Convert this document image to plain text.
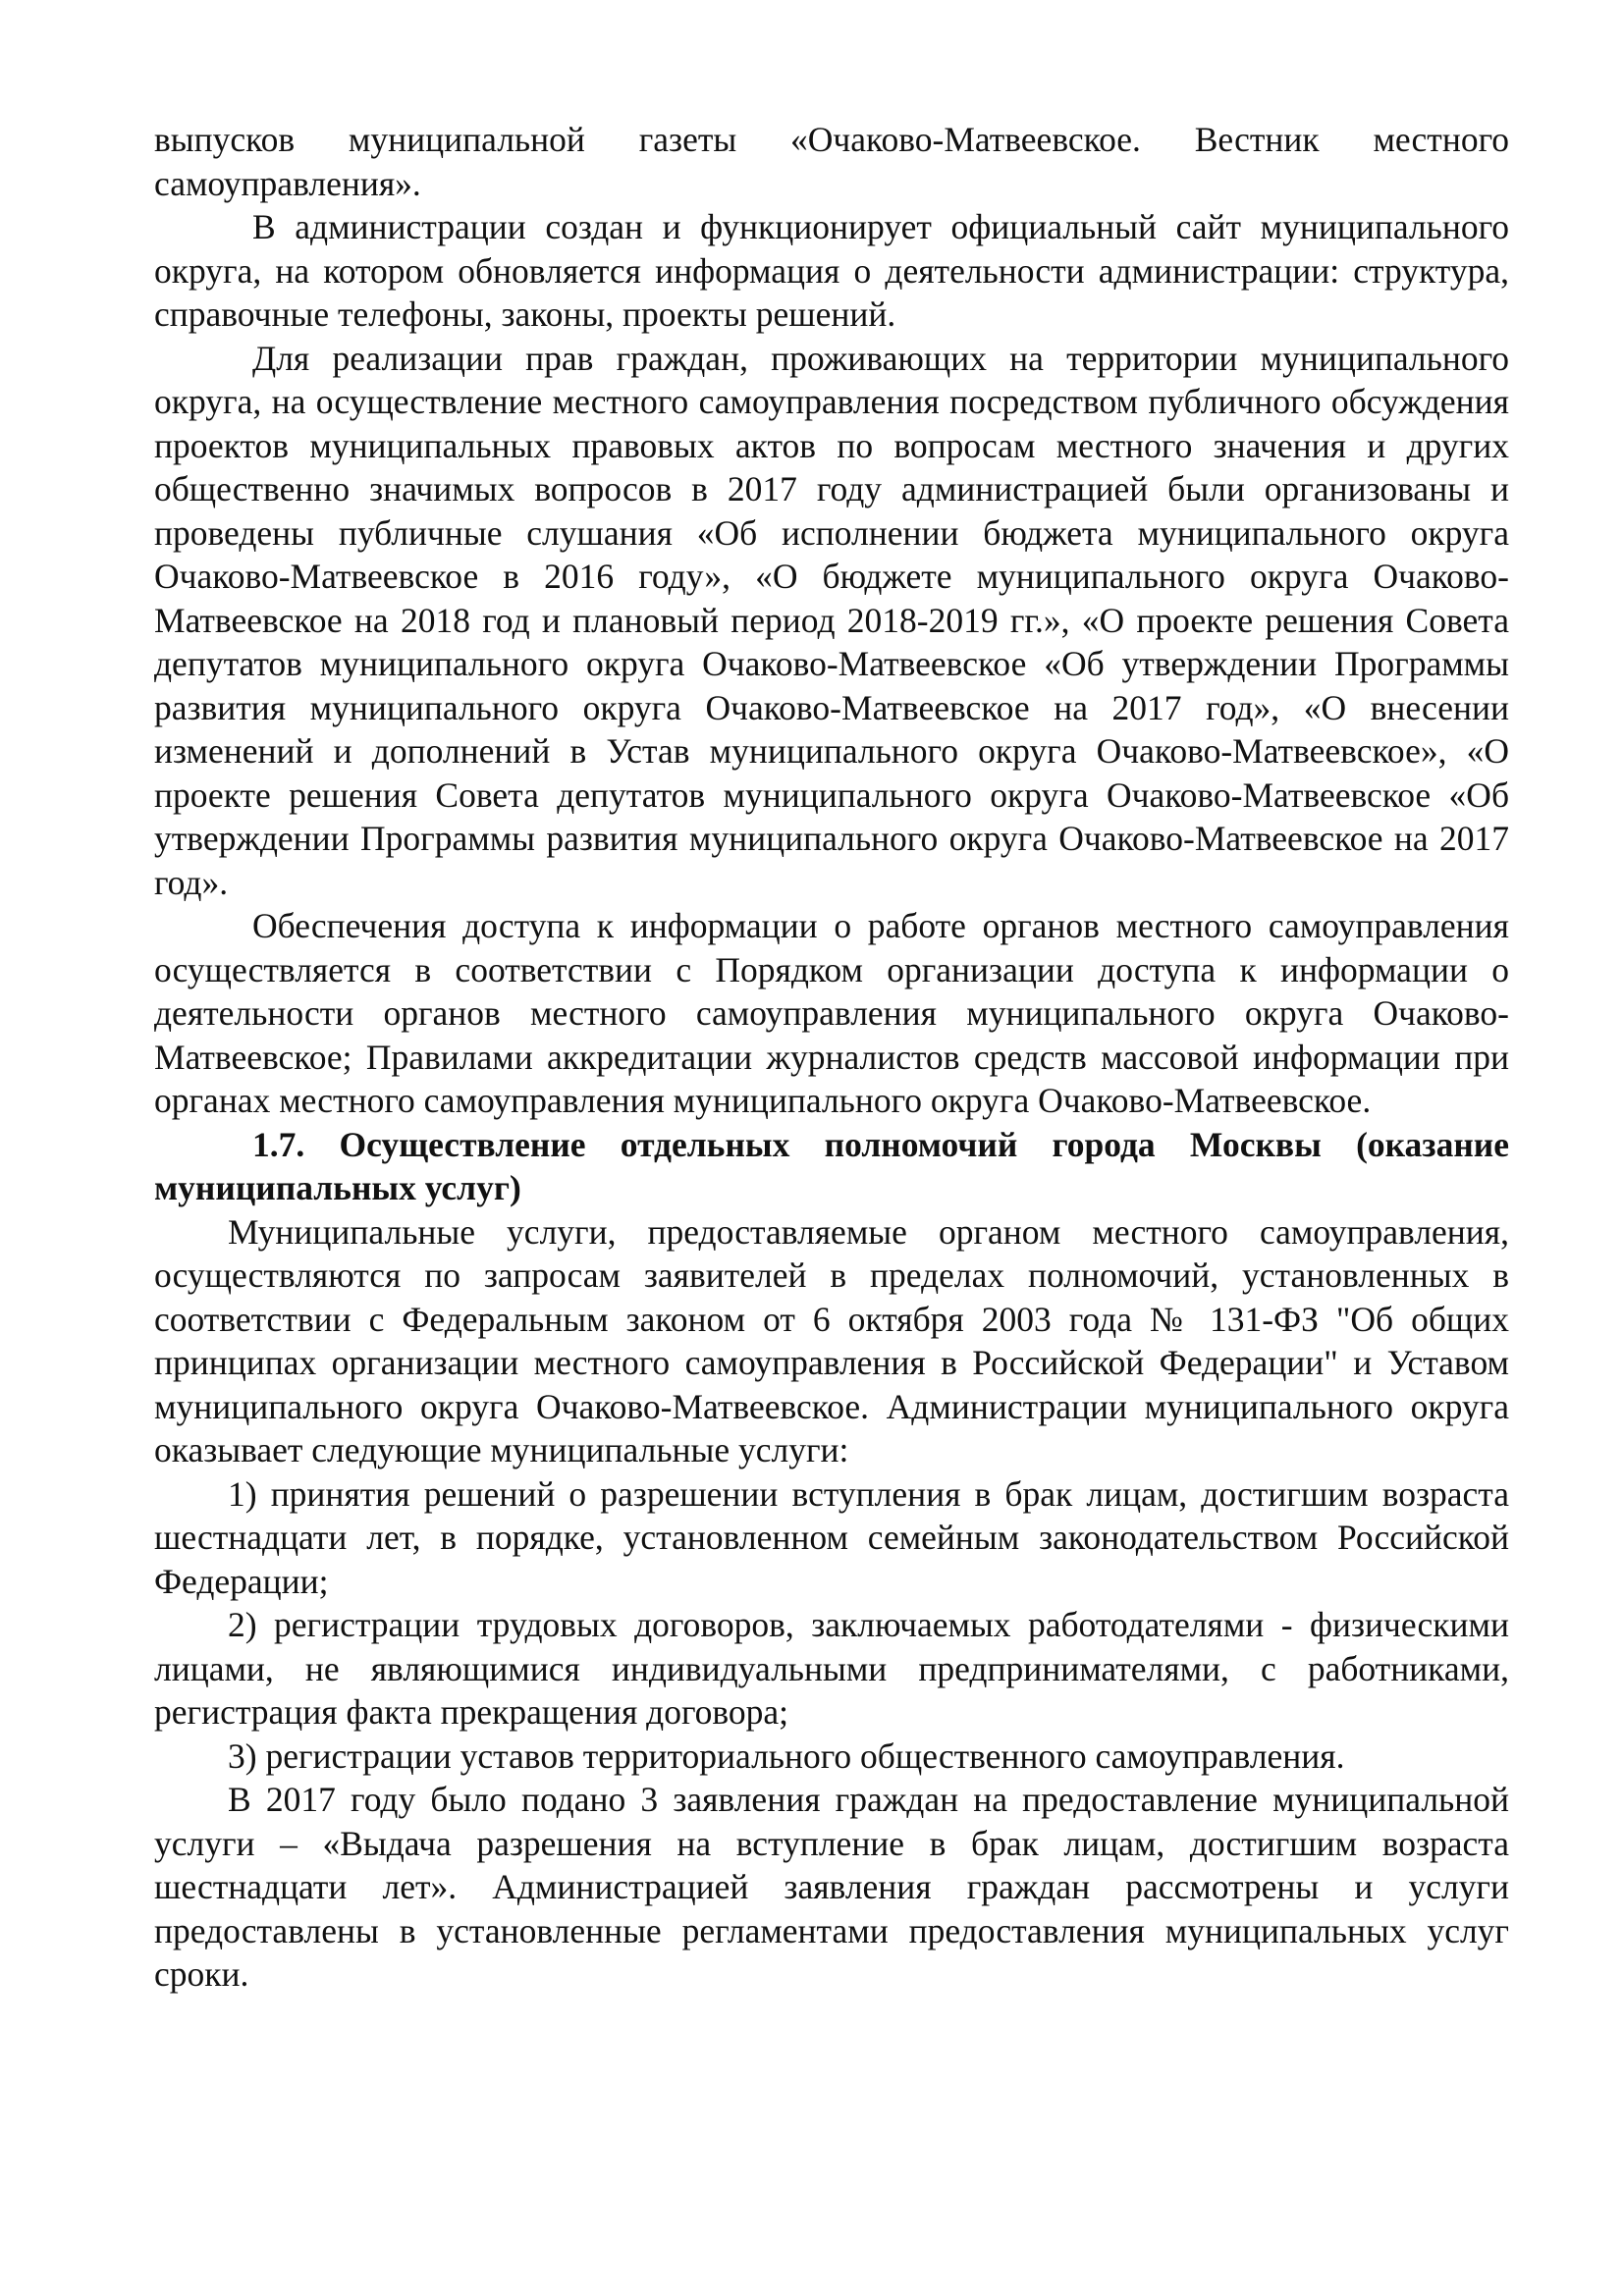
выпусков муниципальной газеты «Очаково-Матвеевское. Вестник местного самоуправления».

В администрации создан и функционирует официальный сайт муниципального округа, на котором обновляется информация о деятельности администрации: структура, справочные телефоны, законы, проекты решений.

Для реализации прав граждан, проживающих на территории муниципального округа, на осуществление местного самоуправления посредством публичного обсуждения проектов муниципальных правовых актов по вопросам местного значения и других общественно значимых вопросов в 2017 году администрацией были организованы и проведены публичные слушания «Об исполнении бюджета муниципального округа Очаково-Матвеевское в 2016 году», «О бюджете муниципального округа Очаково-Матвеевское на 2018 год и плановый период 2018-2019 гг.», «О проекте решения Совета депутатов муниципального округа Очаково-Матвеевское «Об утверждении Программы развития муниципального округа Очаково-Матвеевское на 2017 год», «О внесении изменений и дополнений в Устав муниципального округа Очаково-Матвеевское», «О проекте решения Совета депутатов муниципального округа Очаково-Матвеевское «Об утверждении Программы развития муниципального округа Очаково-Матвеевское на 2017 год».

Обеспечения доступа к информации о работе органов местного самоуправления осуществляется в соответствии с Порядком организации доступа к информации о деятельности органов местного самоуправления муниципального округа Очаково-Матвеевское; Правилами аккредитации журналистов средств массовой информации при органах местного самоуправления муниципального округа Очаково-Матвеевское.

1.7. Осуществление отдельных полномочий города Москвы (оказание муниципальных услуг)

Муниципальные услуги, предоставляемые органом местного самоуправления, осуществляются по запросам заявителей в пределах полномочий, установленных в соответствии с Федеральным законом от 6 октября 2003 года № 131-ФЗ "Об общих принципах организации местного самоуправления в Российской Федерации" и Уставом муниципального округа Очаково-Матвеевское. Администрации муниципального округа оказывает следующие муниципальные услуги:

1) принятия решений о разрешении вступления в брак лицам, достигшим возраста шестнадцати лет, в порядке, установленном семейным законодательством Российской Федерации;

2) регистрации трудовых договоров, заключаемых работодателями - физическими лицами, не являющимися индивидуальными предпринимателями, с работниками, регистрация факта прекращения договора;

3) регистрации уставов территориального общественного самоуправления.

В 2017 году было подано 3 заявления граждан на предоставление муниципальной услуги – «Выдача разрешения на вступление в брак лицам, достигшим возраста шестнадцати лет». Администрацией заявления граждан рассмотрены и услуги предоставлены в установленные регламентами предоставления муниципальных услуг сроки.
